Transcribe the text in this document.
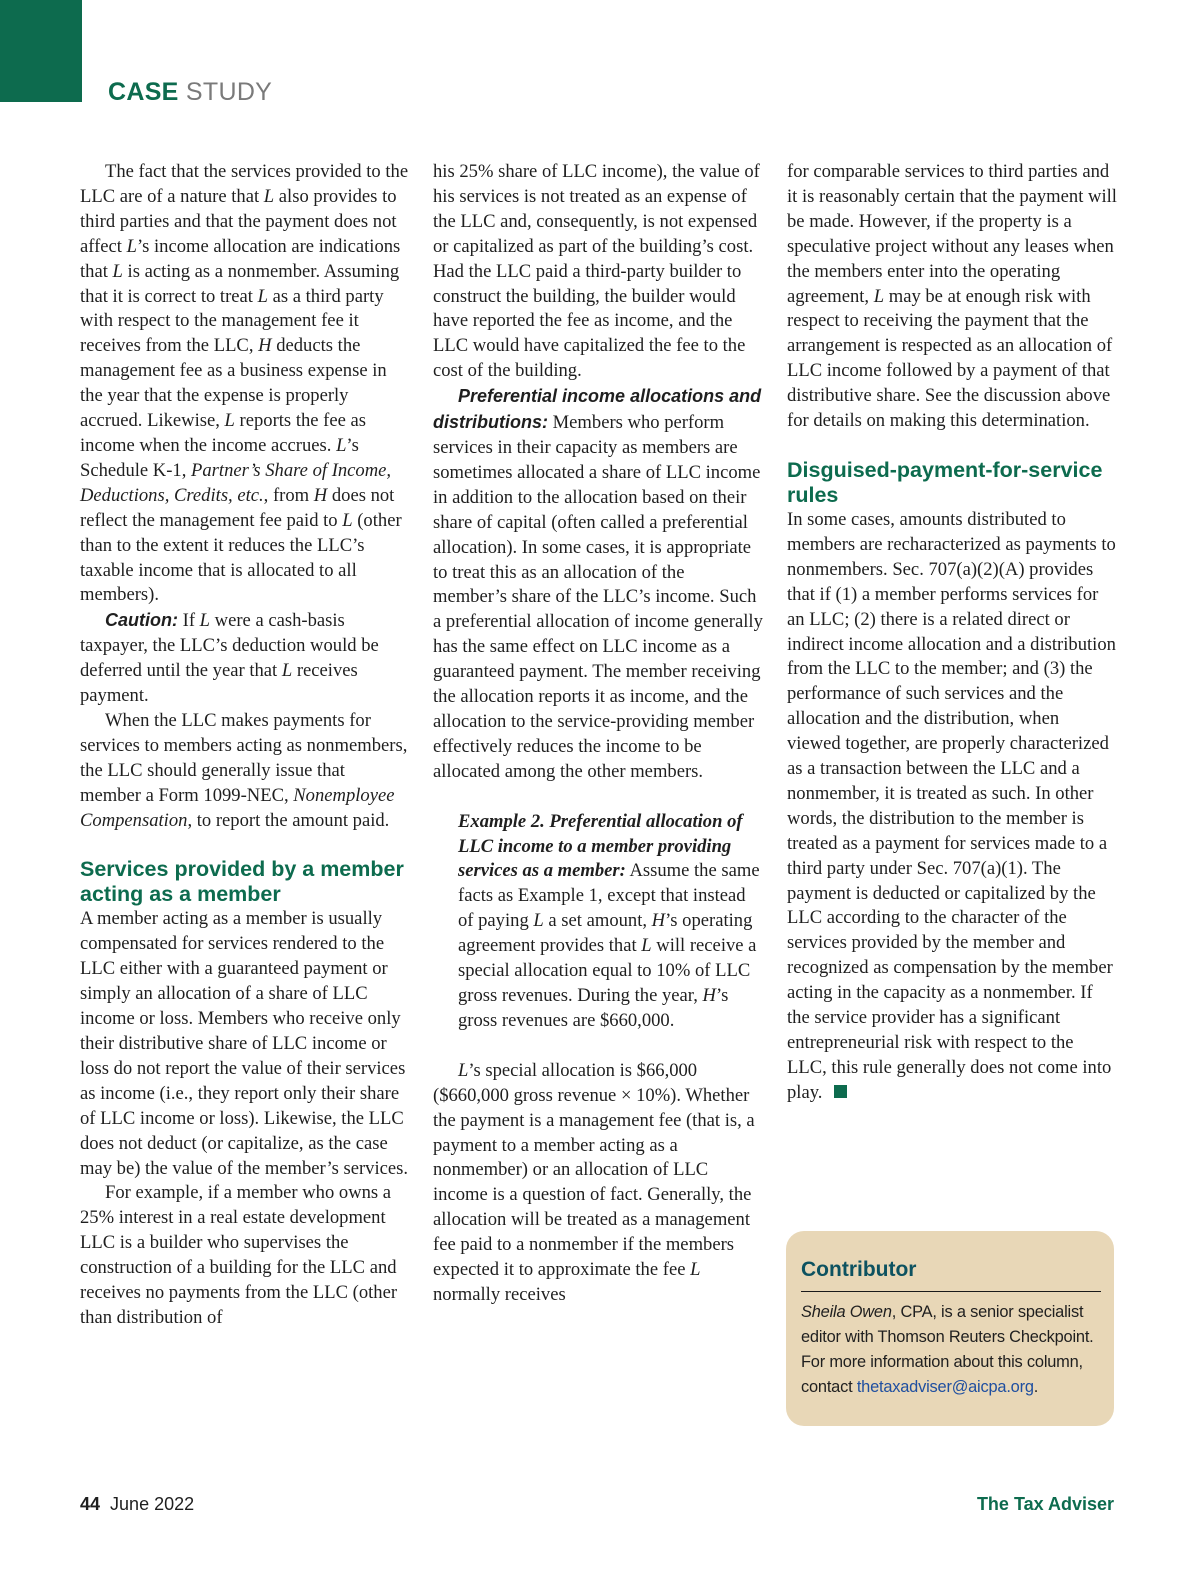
CASE STUDY

The fact that the services provided to the LLC are of a nature that L also provides to third parties and that the payment does not affect L’s income allocation are indications that L is acting as a nonmember. Assuming that it is correct to treat L as a third party with respect to the management fee it receives from the LLC, H deducts the management fee as a business expense in the year that the expense is properly accrued. Likewise, L reports the fee as income when the income accrues. L’s Schedule K-1, Partner’s Share of Income, Deductions, Credits, etc., from H does not reflect the management fee paid to L (other than to the extent it reduces the LLC’s taxable income that is allocated to all members).

Caution: If L were a cash-basis taxpayer, the LLC’s deduction would be deferred until the year that L receives payment.

When the LLC makes payments for services to members acting as nonmembers, the LLC should generally issue that member a Form 1099-NEC, Nonemployee Compensation, to report the amount paid.

Services provided by a member acting as a member

A member acting as a member is usually compensated for services rendered to the LLC either with a guaranteed payment or simply an allocation of a share of LLC income or loss. Members who receive only their distributive share of LLC income or loss do not report the value of their services as income (i.e., they report only their share of LLC income or loss). Likewise, the LLC does not deduct (or capitalize, as the case may be) the value of the member’s services.

For example, if a member who owns a 25% interest in a real estate development LLC is a builder who supervises the construction of a building for the LLC and receives no payments from the LLC (other than distribution of

his 25% share of LLC income), the value of his services is not treated as an expense of the LLC and, consequently, is not expensed or capitalized as part of the building’s cost. Had the LLC paid a third-party builder to construct the building, the builder would have reported the fee as income, and the LLC would have capitalized the fee to the cost of the building.

Preferential income allocations and distributions: Members who perform services in their capacity as members are sometimes allocated a share of LLC income in addition to the allocation based on their share of capital (often called a preferential allocation). In some cases, it is appropriate to treat this as an allocation of the member’s share of the LLC’s income. Such a preferential allocation of income generally has the same effect on LLC income as a guaranteed payment. The member receiving the allocation reports it as income, and the allocation to the service-providing member effectively reduces the income to be allocated among the other members.

Example 2. Preferential allocation of LLC income to a member providing services as a member: Assume the same facts as Example 1, except that instead of paying L a set amount, H’s operating agreement provides that L will receive a special allocation equal to 10% of LLC gross revenues. During the year, H’s gross revenues are $660,000.

L’s special allocation is $66,000 ($660,000 gross revenue × 10%). Whether the payment is a management fee (that is, a payment to a member acting as a nonmember) or an allocation of LLC income is a question of fact. Generally, the allocation will be treated as a management fee paid to a nonmember if the members expected it to approximate the fee L normally receives

for comparable services to third parties and it is reasonably certain that the payment will be made. However, if the property is a speculative project without any leases when the members enter into the operating agreement, L may be at enough risk with respect to receiving the payment that the arrangement is respected as an allocation of LLC income followed by a payment of that distributive share. See the discussion above for details on making this determination.

Disguised-payment-for-service rules

In some cases, amounts distributed to members are recharacterized as payments to nonmembers. Sec. 707(a)(2)(A) provides that if (1) a member performs services for an LLC; (2) there is a related direct or indirect income allocation and a distribution from the LLC to the member; and (3) the performance of such services and the allocation and the distribution, when viewed together, are properly characterized as a transaction between the LLC and a nonmember, it is treated as such. In other words, the distribution to the member is treated as a payment for services made to a third party under Sec. 707(a)(1). The payment is deducted or capitalized by the LLC according to the character of the services provided by the member and recognized as compensation by the member acting in the capacity as a nonmember. If the service provider has a significant entrepreneurial risk with respect to the LLC, this rule generally does not come into play.

Contributor
Sheila Owen, CPA, is a senior specialist editor with Thomson Reuters Checkpoint. For more information about this column, contact thetaxadviser@aicpa.org.
44 June 2022	The Tax Adviser
